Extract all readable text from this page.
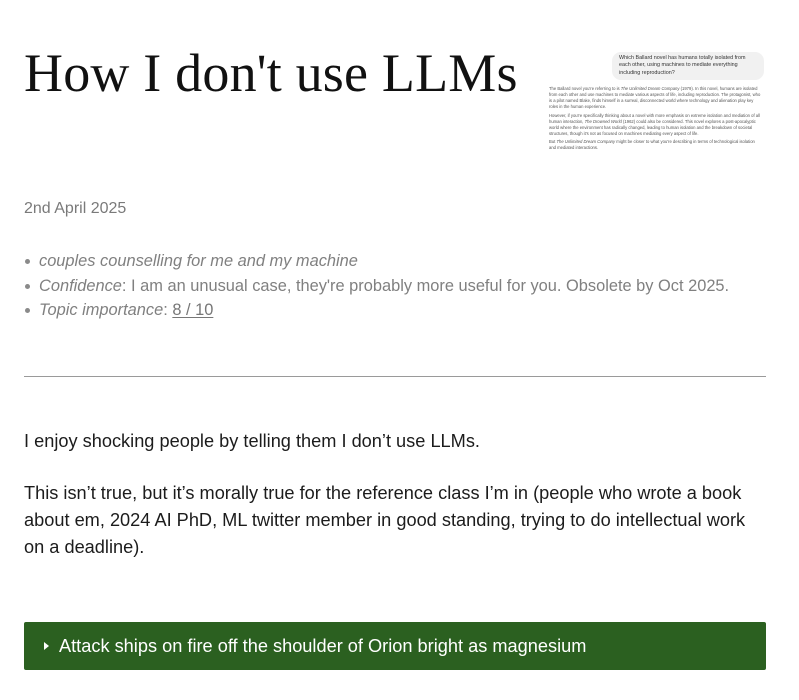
How I don't use LLMs	Which Ballard novel has humans totally isolated from each other, using machines to mediate everything including reproduction?

The Ballard novel you're referring to is The Unlimited Dream Company (1979). In this novel, humans are isolated from each other and use machines to mediate various aspects of life, including reproduction. The protagonist, who is a pilot named Blake, finds himself in a surreal, disconnected world where technology and alienation play key roles in the human experience.

However, if you're specifically thinking about a novel with more emphasis on extreme isolation and mediation of all human interaction, The Drowned World (1962) could also be considered. This novel explores a post-apocalyptic world where the environment has radically changed, leading to human isolation and the breakdown of societal structures, though it's not as focused on machines mediating every aspect of life.

But The Unlimited Dream Company might be closer to what you're describing in terms of technological isolation and mediated interactions.

2nd April 2025
couples counselling for me and my machine
Confidence: I am an unusual case, they're probably more useful for you. Obsolete by Oct 2025.
Topic importance: 8 / 10

I enjoy shocking people by telling them I don’t use LLMs.

This isn’t true, but it’s morally true for the reference class I’m in (people who wrote a book about em, 2024 AI PhD, ML twitter member in good standing, trying to do intellectual work on a deadline).

Attack ships on fire off the shoulder of Orion bright as magnesium
